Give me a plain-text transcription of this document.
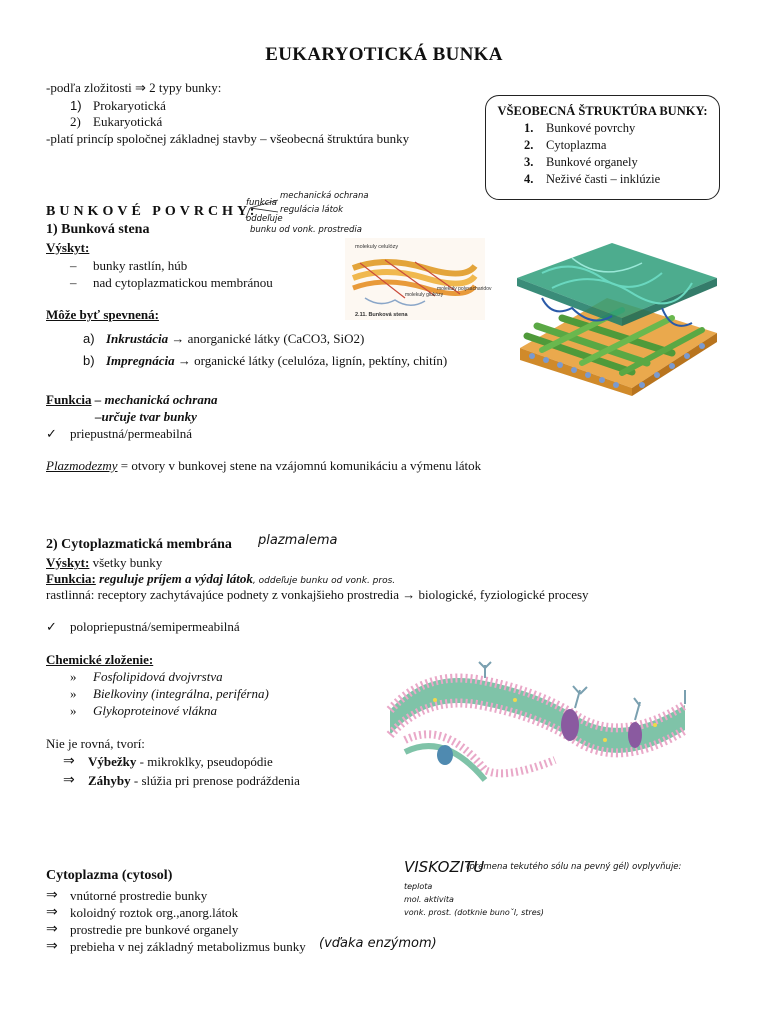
EUKARYOTICKÁ BUNKA
-podľa zložitosti ⇒ 2 typy bunky:
1) Prokaryotická
2) Eukaryotická
-platí princíp spoločnej základnej stavby – všeobecná štruktúra bunky
VŠEOBECNÁ ŠTRUKTÚRA BUNKY:
1. Bunkové povrchy
2. Cytoplazma
3. Bunkové organely
4. Neživé časti – inklúzie
BUNKOVÉ POVRCHY:
funkcia
mechanická ochrana
regulácia látok
oddeľuje
bunku od vonk. prostredia
1) Bunková stena
Výskyt:
– bunky rastlín, húb
– nad cytoplazmatickou membránou
Môže byť spevnená:
a) Inkrustácia → anorganické látky (CaCO3, SiO2)
b) Impregnácia → organické látky (celulóza, lignín, pektíny, chitín)
Funkcia – mechanická ochrana
–určuje tvar bunky
✓ priepustná/permeabilná
Plazmodezmy = otvory v bunkovej stene na vzájomnú komunikáciu a výmenu látok
molekuly celulózy
molekuly glukózy
molekuly polysacharidov
2.11. Bunková stena
2) Cytoplazmatická membrána plazmalema
Výskyt: všetky bunky
Funkcia: reguluje príjem a výdaj látok, oddeľuje bunku od vonk. pros.
rastlinná: receptory zachytávajúce podnety z vonkajšieho prostredia → biologické, fyziologické procesy
✓ polopriepustná/semipermeabilná
Chemické zloženie:
» Fosfolipidová dvojvrstva
» Bielkoviny (integrálna, periférna)
» Glykoproteinové vlákna
Nie je rovná, tvorí:
⇒ Výbežky - mikroklky, pseudopódie
⇒ Záhyby - slúžia pri prenose podráždenia
Cytoplazma (cytosol)
⇒ vnútorné prostredie bunky
⇒ koloidný roztok org.,anorg.látok
⇒ prostredie pre bunkové organely
⇒ prebieha v nej základný metabolizmus bunky (vďaka enzýmom)
VISKOZITU
(premena tekutého sólu na pevný gél) ovplyvňuje:
teplota
mol. aktivita
vonk. prost. (dotknie bunoˇl, stres)
